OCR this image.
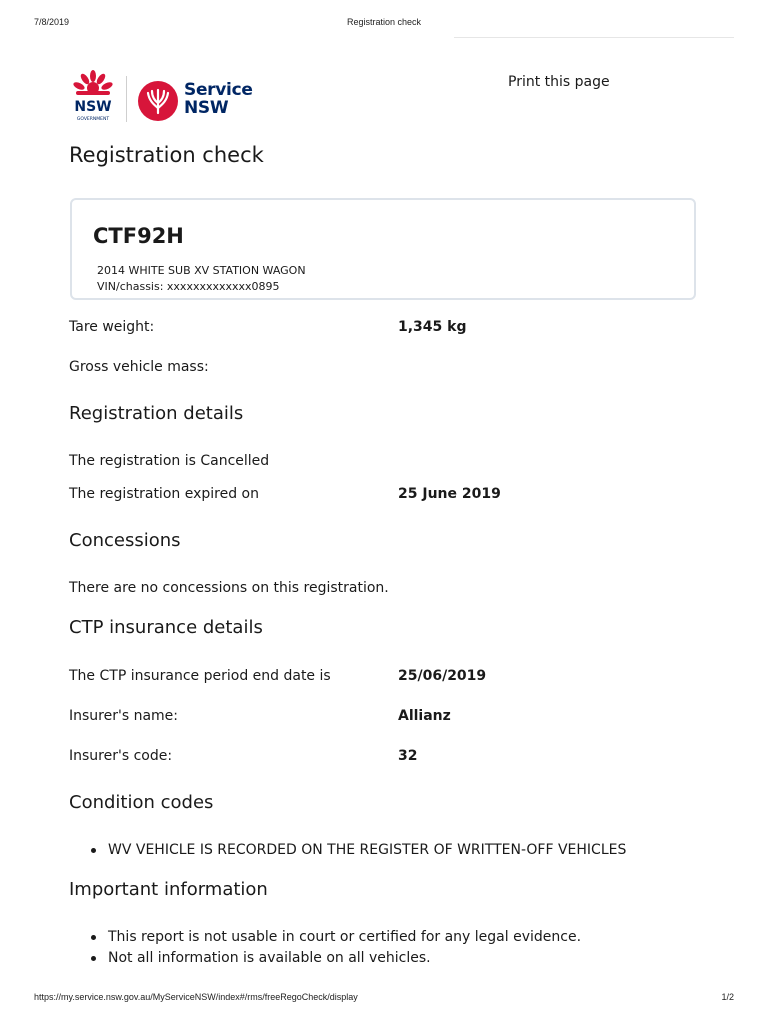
7/8/2019	Registration check
NSW
GOVERNMENT
Service
NSW
Print this page
Registration check
CTF92H
2014 WHITE SUB XV STATION WAGON
VIN/chassis: xxxxxxxxxxxxx0895
Tare weight:	1,345 kg
Gross vehicle mass:
Registration details
The registration is Cancelled
The registration expired on	25 June 2019
Concessions
There are no concessions on this registration.
CTP insurance details
The CTP insurance period end date is	25/06/2019
Insurer's name:	Allianz
Insurer's code:	32
Condition codes
WV VEHICLE IS RECORDED ON THE REGISTER OF WRITTEN-OFF VEHICLES
Important information
This report is not usable in court or certified for any legal evidence.
Not all information is available on all vehicles.
https://my.service.nsw.gov.au/MyServiceNSW/index#/rms/freeRegoCheck/display	1/2
